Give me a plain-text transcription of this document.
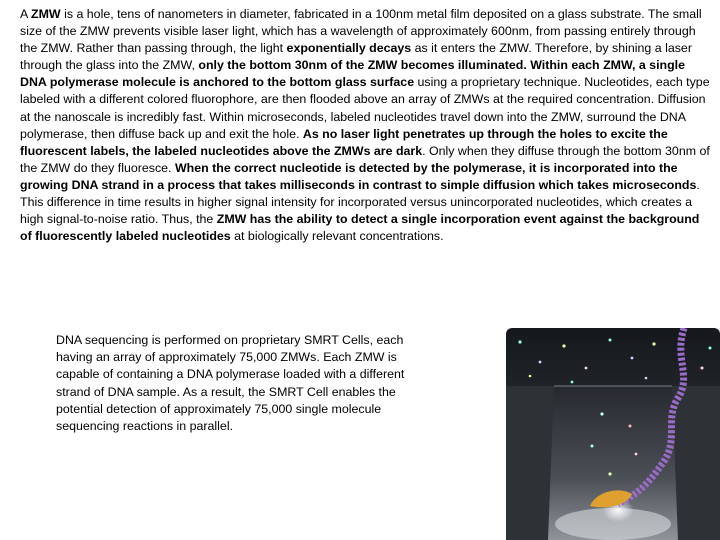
A ZMW is a hole, tens of nanometers in diameter, fabricated in a 100nm metal film deposited on a glass substrate. The small size of the ZMW prevents visible laser light, which has a wavelength of approximately 600nm, from passing entirely through the ZMW. Rather than passing through, the light exponentially decays as it enters the ZMW. Therefore, by shining a laser through the glass into the ZMW, only the bottom 30nm of the ZMW becomes illuminated. Within each ZMW, a single DNA polymerase molecule is anchored to the bottom glass surface using a proprietary technique. Nucleotides, each type labeled with a different colored fluorophore, are then flooded above an array of ZMWs at the required concentration. Diffusion at the nanoscale is incredibly fast. Within microseconds, labeled nucleotides travel down into the ZMW, surround the DNA polymerase, then diffuse back up and exit the hole. As no laser light penetrates up through the holes to excite the fluorescent labels, the labeled nucleotides above the ZMWs are dark. Only when they diffuse through the bottom 30nm of the ZMW do they fluoresce. When the correct nucleotide is detected by the polymerase, it is incorporated into the growing DNA strand in a process that takes milliseconds in contrast to simple diffusion which takes microseconds. This difference in time results in higher signal intensity for incorporated versus unincorporated nucleotides, which creates a high signal-to-noise ratio. Thus, the ZMW has the ability to detect a single incorporation event against the background of fluorescently labeled nucleotides at biologically relevant concentrations.

DNA sequencing is performed on proprietary SMRT Cells, each having an array of approximately 75,000 ZMWs. Each ZMW is capable of containing a DNA polymerase loaded with a different strand of DNA sample. As a result, the SMRT Cell enables the potential detection of approximately 75,000 single molecule sequencing reactions in parallel.
